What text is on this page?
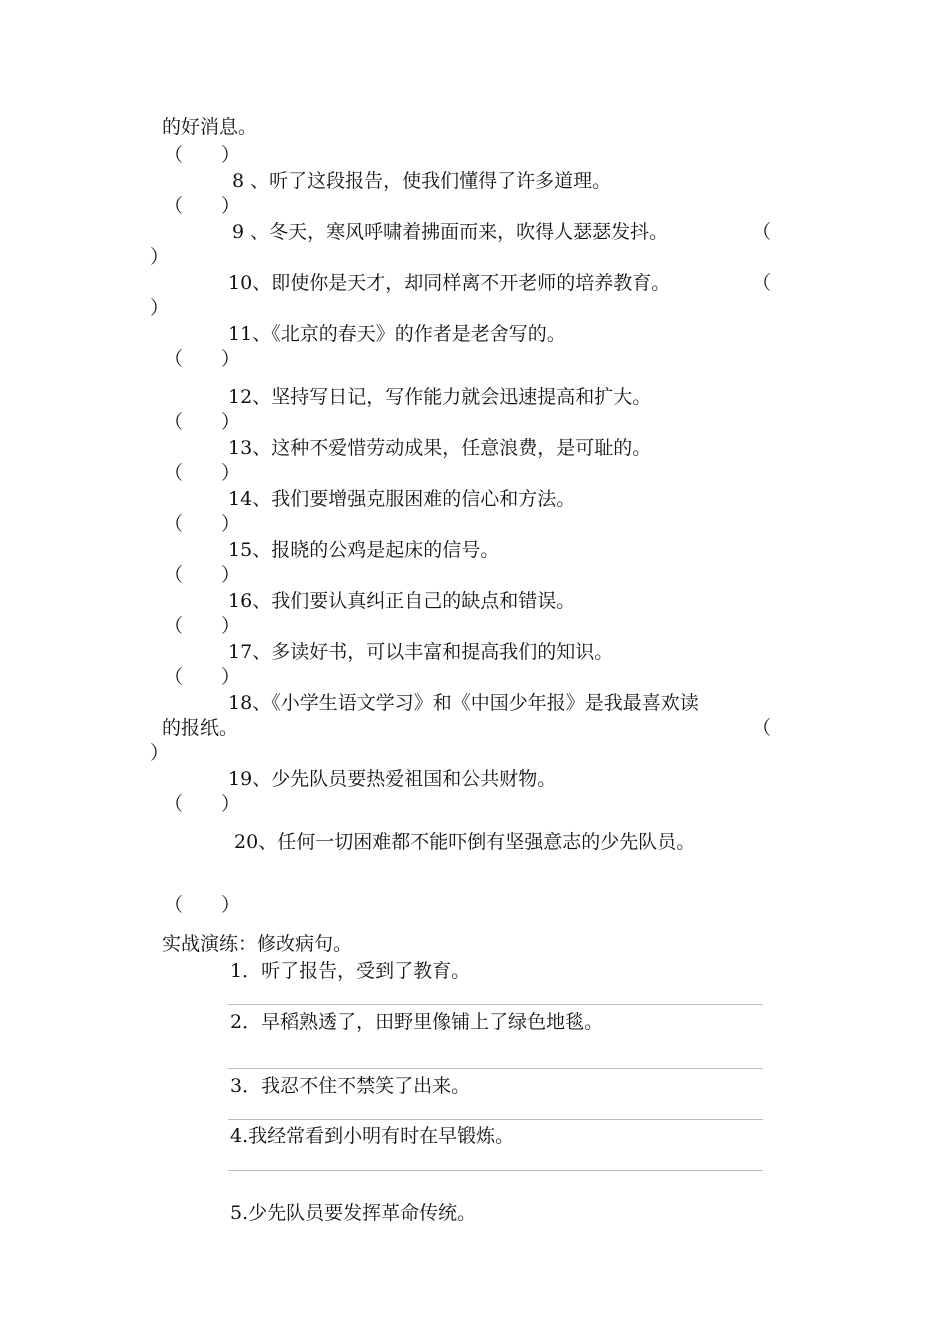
的好消息。
（　　）
8 、听了这段报告，使我们懂得了许多道理。
（　　）
9 、冬天，寒风呼啸着拂面而来，吹得人瑟瑟发抖。	（
）
10、即使你是天才，却同样离不开老师的培养教育。	（
）
11、《北京的春天》的作者是老舍写的。
（　　）
12、坚持写日记，写作能力就会迅速提高和扩大。
（　　）
13、这种不爱惜劳动成果，任意浪费，是可耻的。
（　　）
14、我们要增强克服困难的信心和方法。
（　　）
15、报晓的公鸡是起床的信号。
（　　）
16、我们要认真纠正自己的缺点和错误。
（　　）
17、多读好书，可以丰富和提高我们的知识。
（　　）
18、《小学生语文学习》和《中国少年报》是我最喜欢读
的报纸。	（
）
19、少先队员要热爱祖国和公共财物。
（　　）
20、任何一切困难都不能吓倒有坚强意志的少先队员。
（　　）
实战演练：修改病句。
1．听了报告，受到了教育。
2．早稻熟透了，田野里像铺上了绿色地毯。
3．我忍不住不禁笑了出来。
4.我经常看到小明有时在早锻炼。
5.少先队员要发挥革命传统。
